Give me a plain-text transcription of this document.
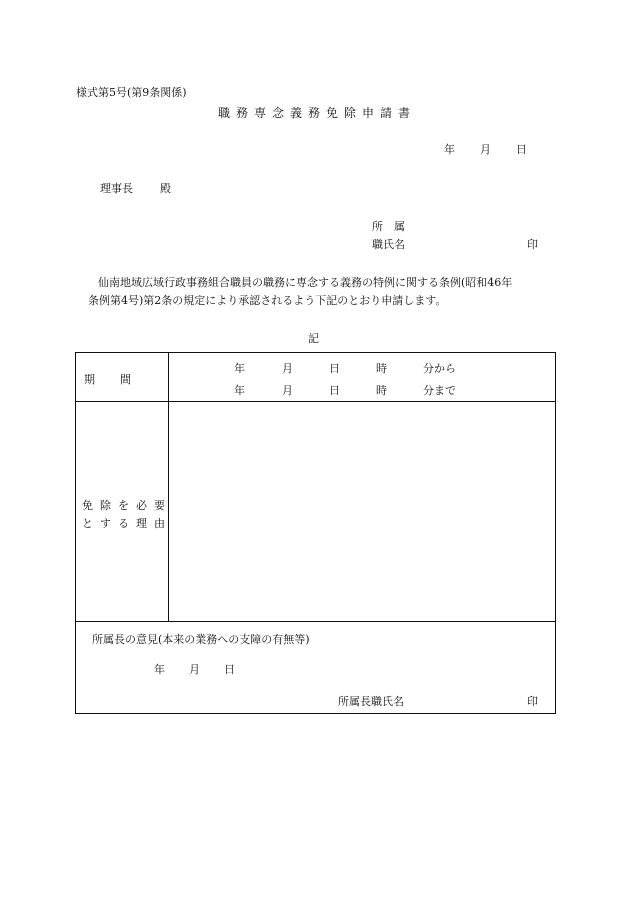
様式第5号(第9条関係)
職務専念義務免除申請書
年 月 日
理事長 殿
所　属
職氏名	印
仙南地域広域行政事務組合職員の職務に専念する義務の特例に関する条例(昭和46年
条例第4号)第2条の規定により承認されるよう下記のとおり申請します。
記
期　　間
年	月	日	時	分から
年	月	日	時	分まで
免除を必要
とする理由
所属長の意見(本来の業務への支障の有無等)
年 月 日
所属長職氏名	印
